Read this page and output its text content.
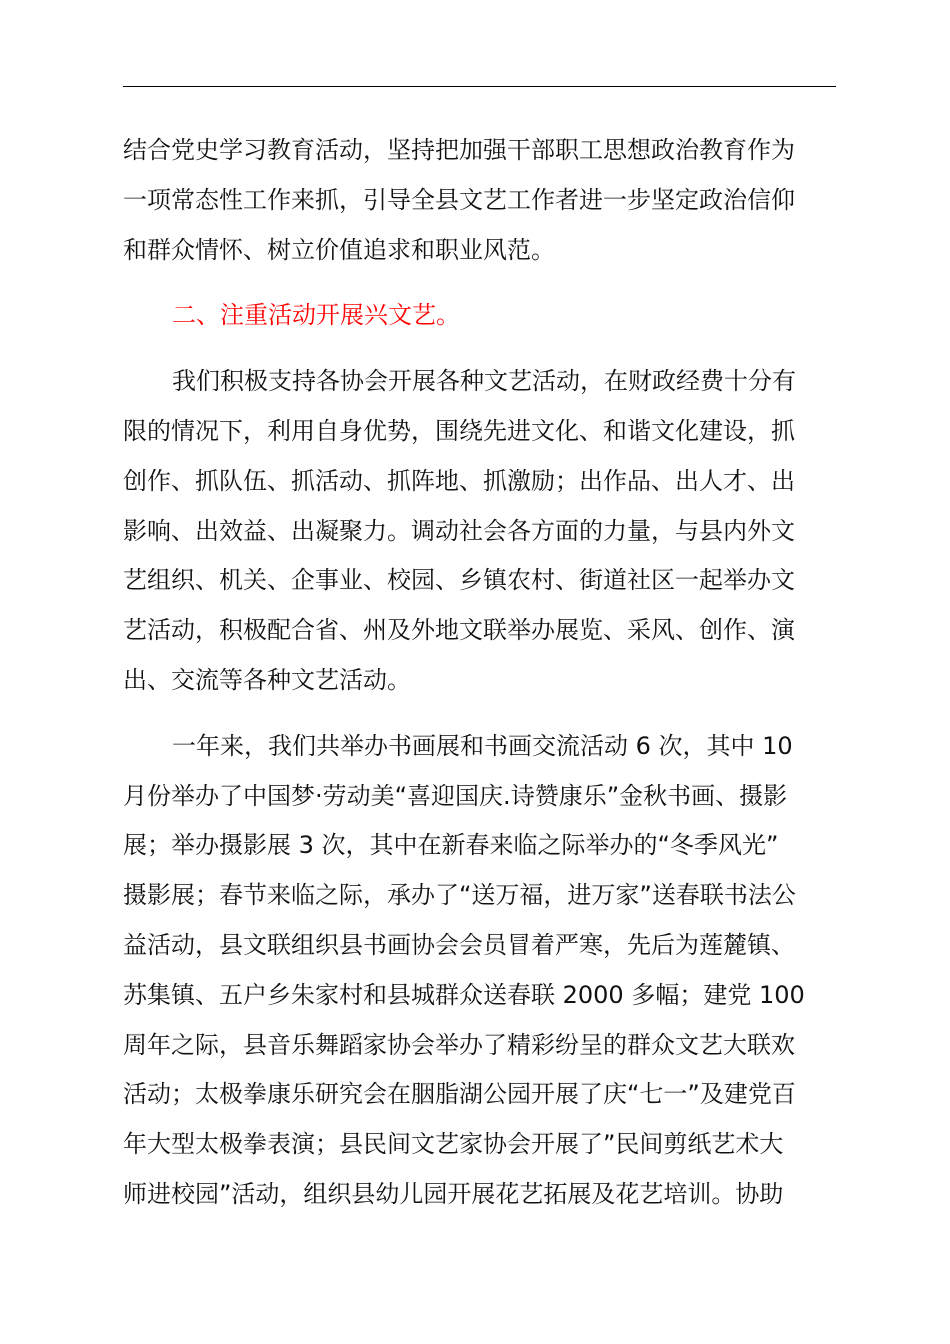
结合党史学习教育活动，坚持把加强干部职工思想政治教育作为
一项常态性工作来抓，引导全县文艺工作者进一步坚定政治信仰
和群众情怀、树立价值追求和职业风范。

二、注重活动开展兴文艺。

我们积极支持各协会开展各种文艺活动，在财政经费十分有
限的情况下，利用自身优势，围绕先进文化、和谐文化建设，抓
创作、抓队伍、抓活动、抓阵地、抓激励；出作品、出人才、出
影响、出效益、出凝聚力。调动社会各方面的力量，与县内外文
艺组织、机关、企事业、校园、乡镇农村、街道社区一起举办文
艺活动，积极配合省、州及外地文联举办展览、采风、创作、演
出、交流等各种文艺活动。

一年来，我们共举办书画展和书画交流活动 6 次，其中 10
月份举办了中国梦·劳动美“喜迎国庆.诗赞康乐”金秋书画、摄影
展；举办摄影展 3 次，其中在新春来临之际举办的“冬季风光”
摄影展；春节来临之际，承办了“送万福，进万家”送春联书法公
益活动，县文联组织县书画协会会员冒着严寒，先后为莲麓镇、
苏集镇、五户乡朱家村和县城群众送春联 2000 多幅；建党 100
周年之际，县音乐舞蹈家协会举办了精彩纷呈的群众文艺大联欢
活动；太极拳康乐研究会在胭脂湖公园开展了庆“七一”及建党百
年大型太极拳表演；县民间文艺家协会开展了”民间剪纸艺术大
师进校园”活动，组织县幼儿园开展花艺拓展及花艺培训。协助
